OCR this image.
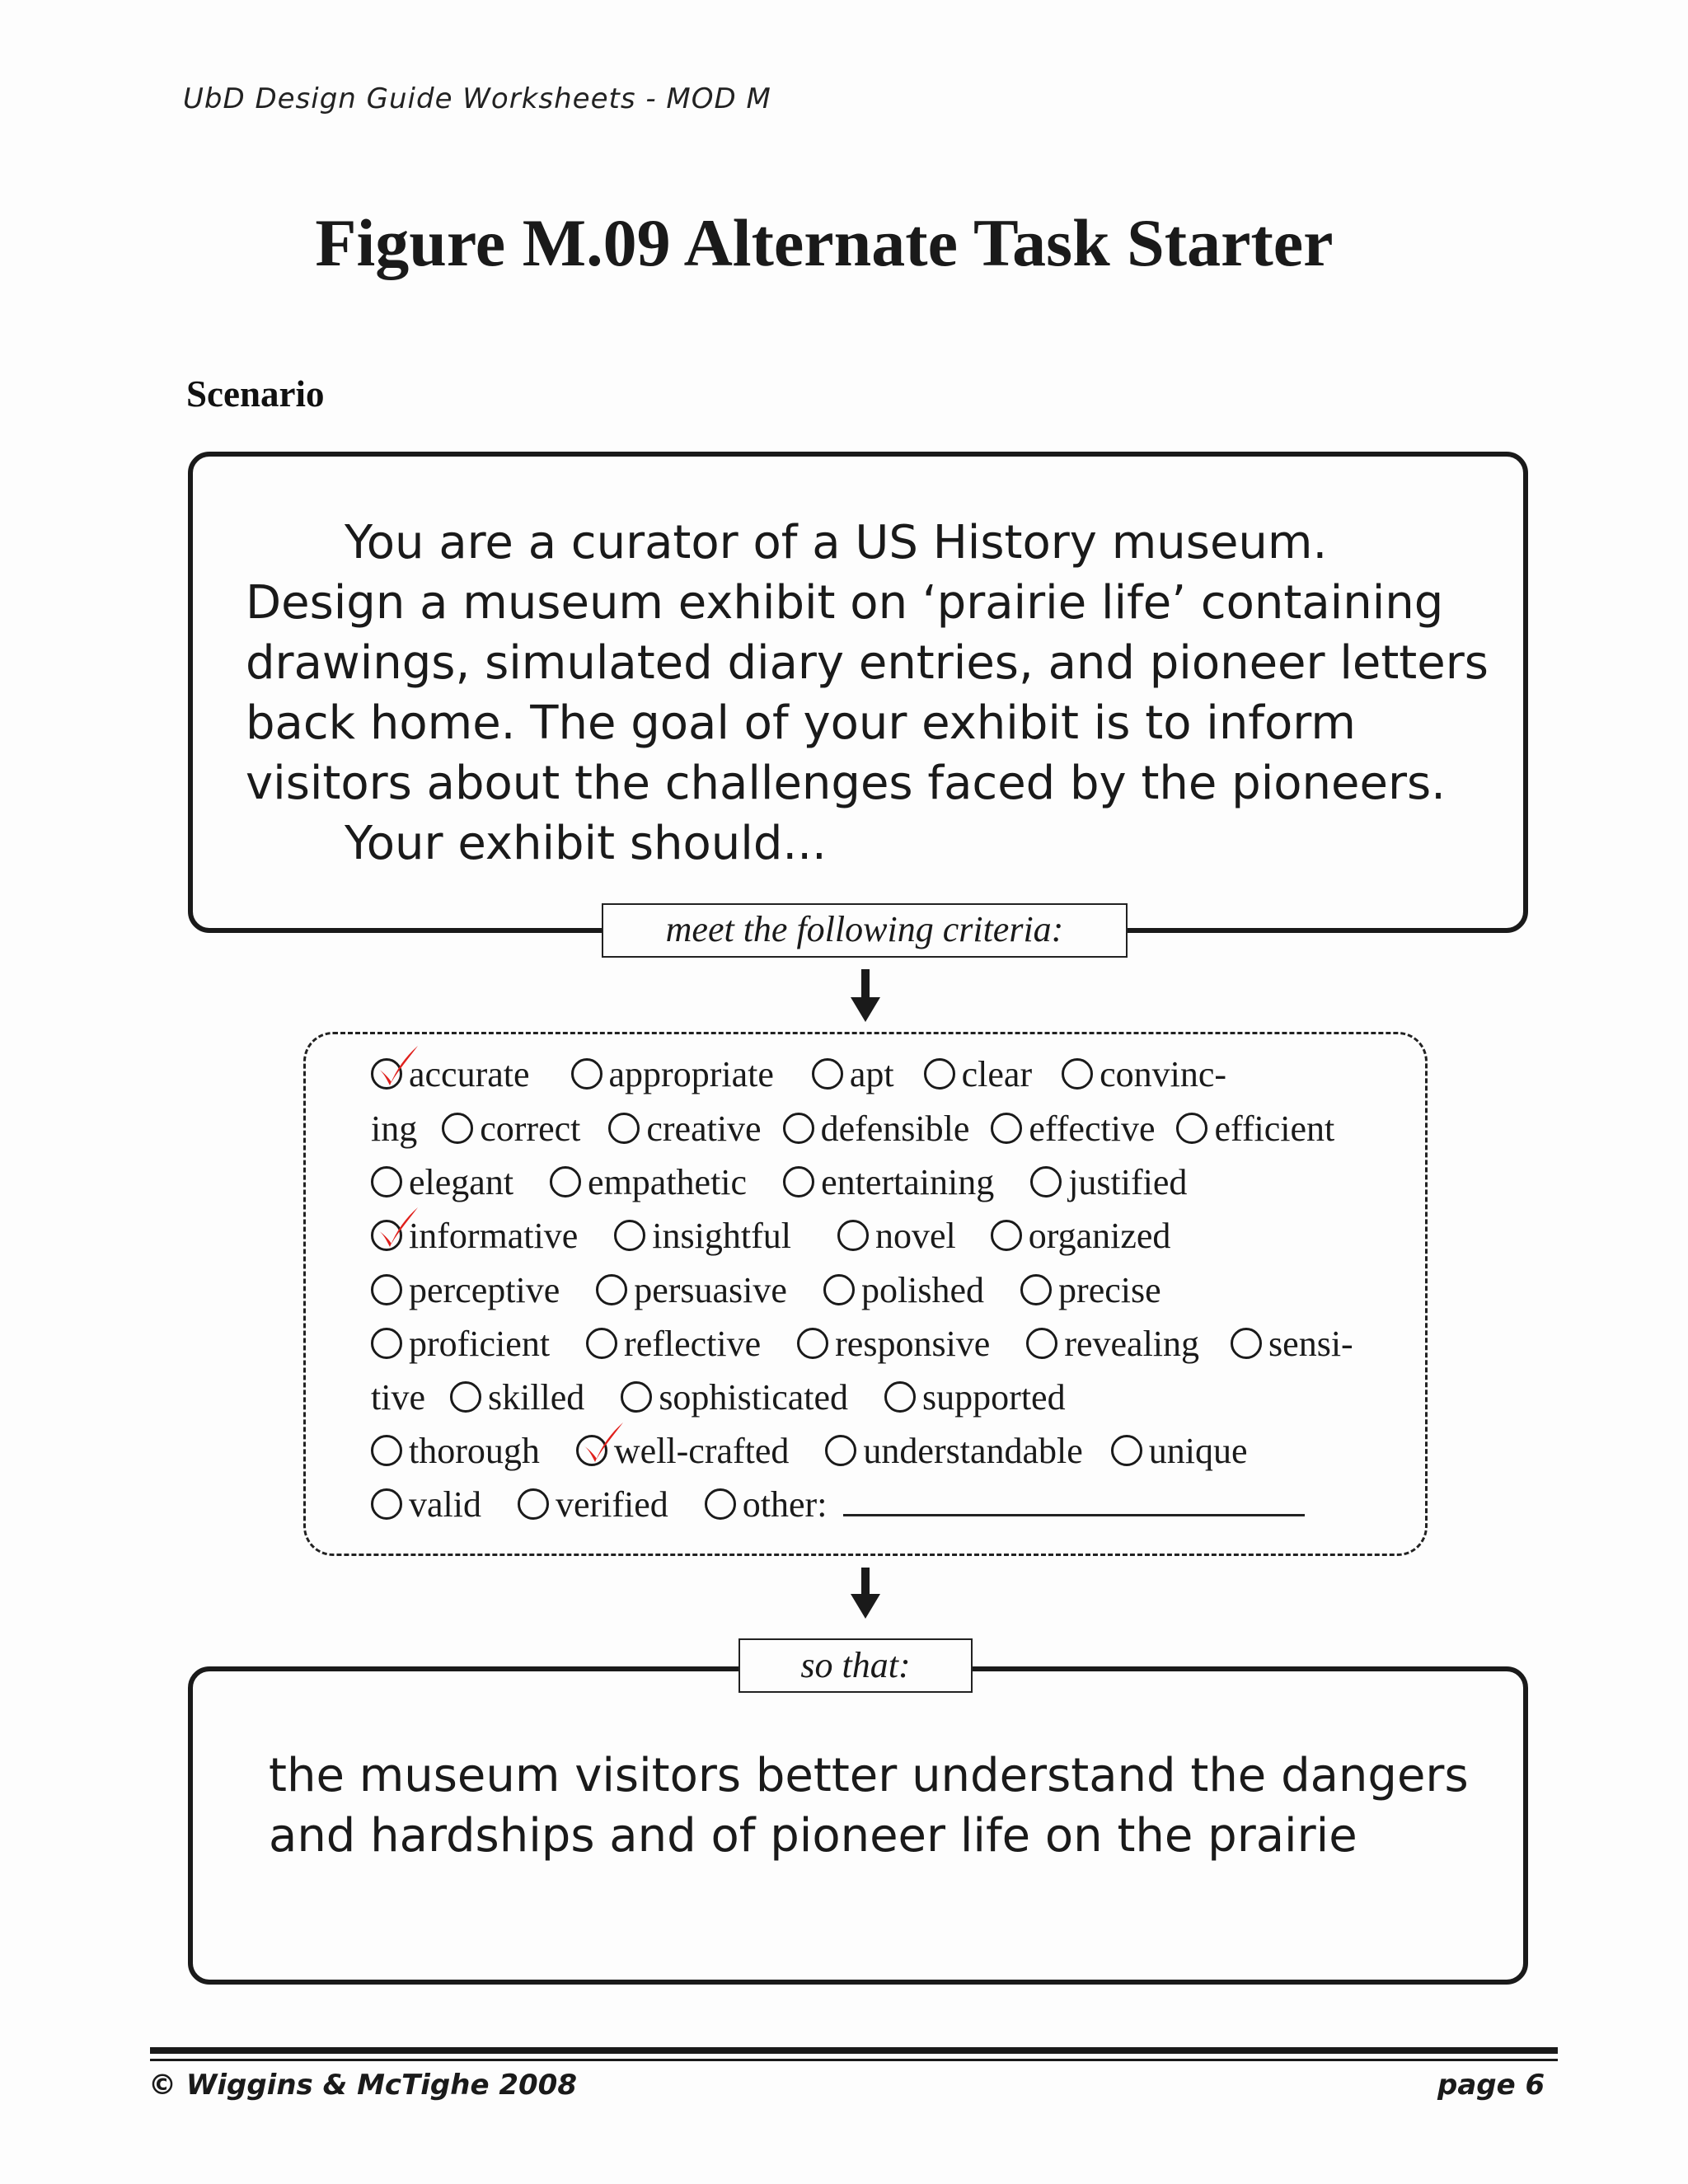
UbD Design Guide Worksheets - MOD M
Figure M.09 Alternate Task Starter
Scenario
You are a curator of a US History museum.
Design a museum exhibit on ‘prairie life’ containing
drawings, simulated diary entries, and pioneer letters
back home. The goal of your exhibit is to inform
visitors about the challenges faced by the pioneers.
Your exhibit should...
meet the following criteria:
accurate appropriate apt clear convinc-
ing correct creative defensible effective efficient
elegant empathetic entertaining justified
informative insightful novel organized
perceptive persuasive polished precise
proficient reflective responsive revealing sensi-
tive skilled sophisticated supported
thorough well-crafted understandable unique
valid verified other:
the museum visitors better understand the dangers
and hardships and of pioneer life on the prairie
so that:
© Wiggins & McTighe 2008	page 6
